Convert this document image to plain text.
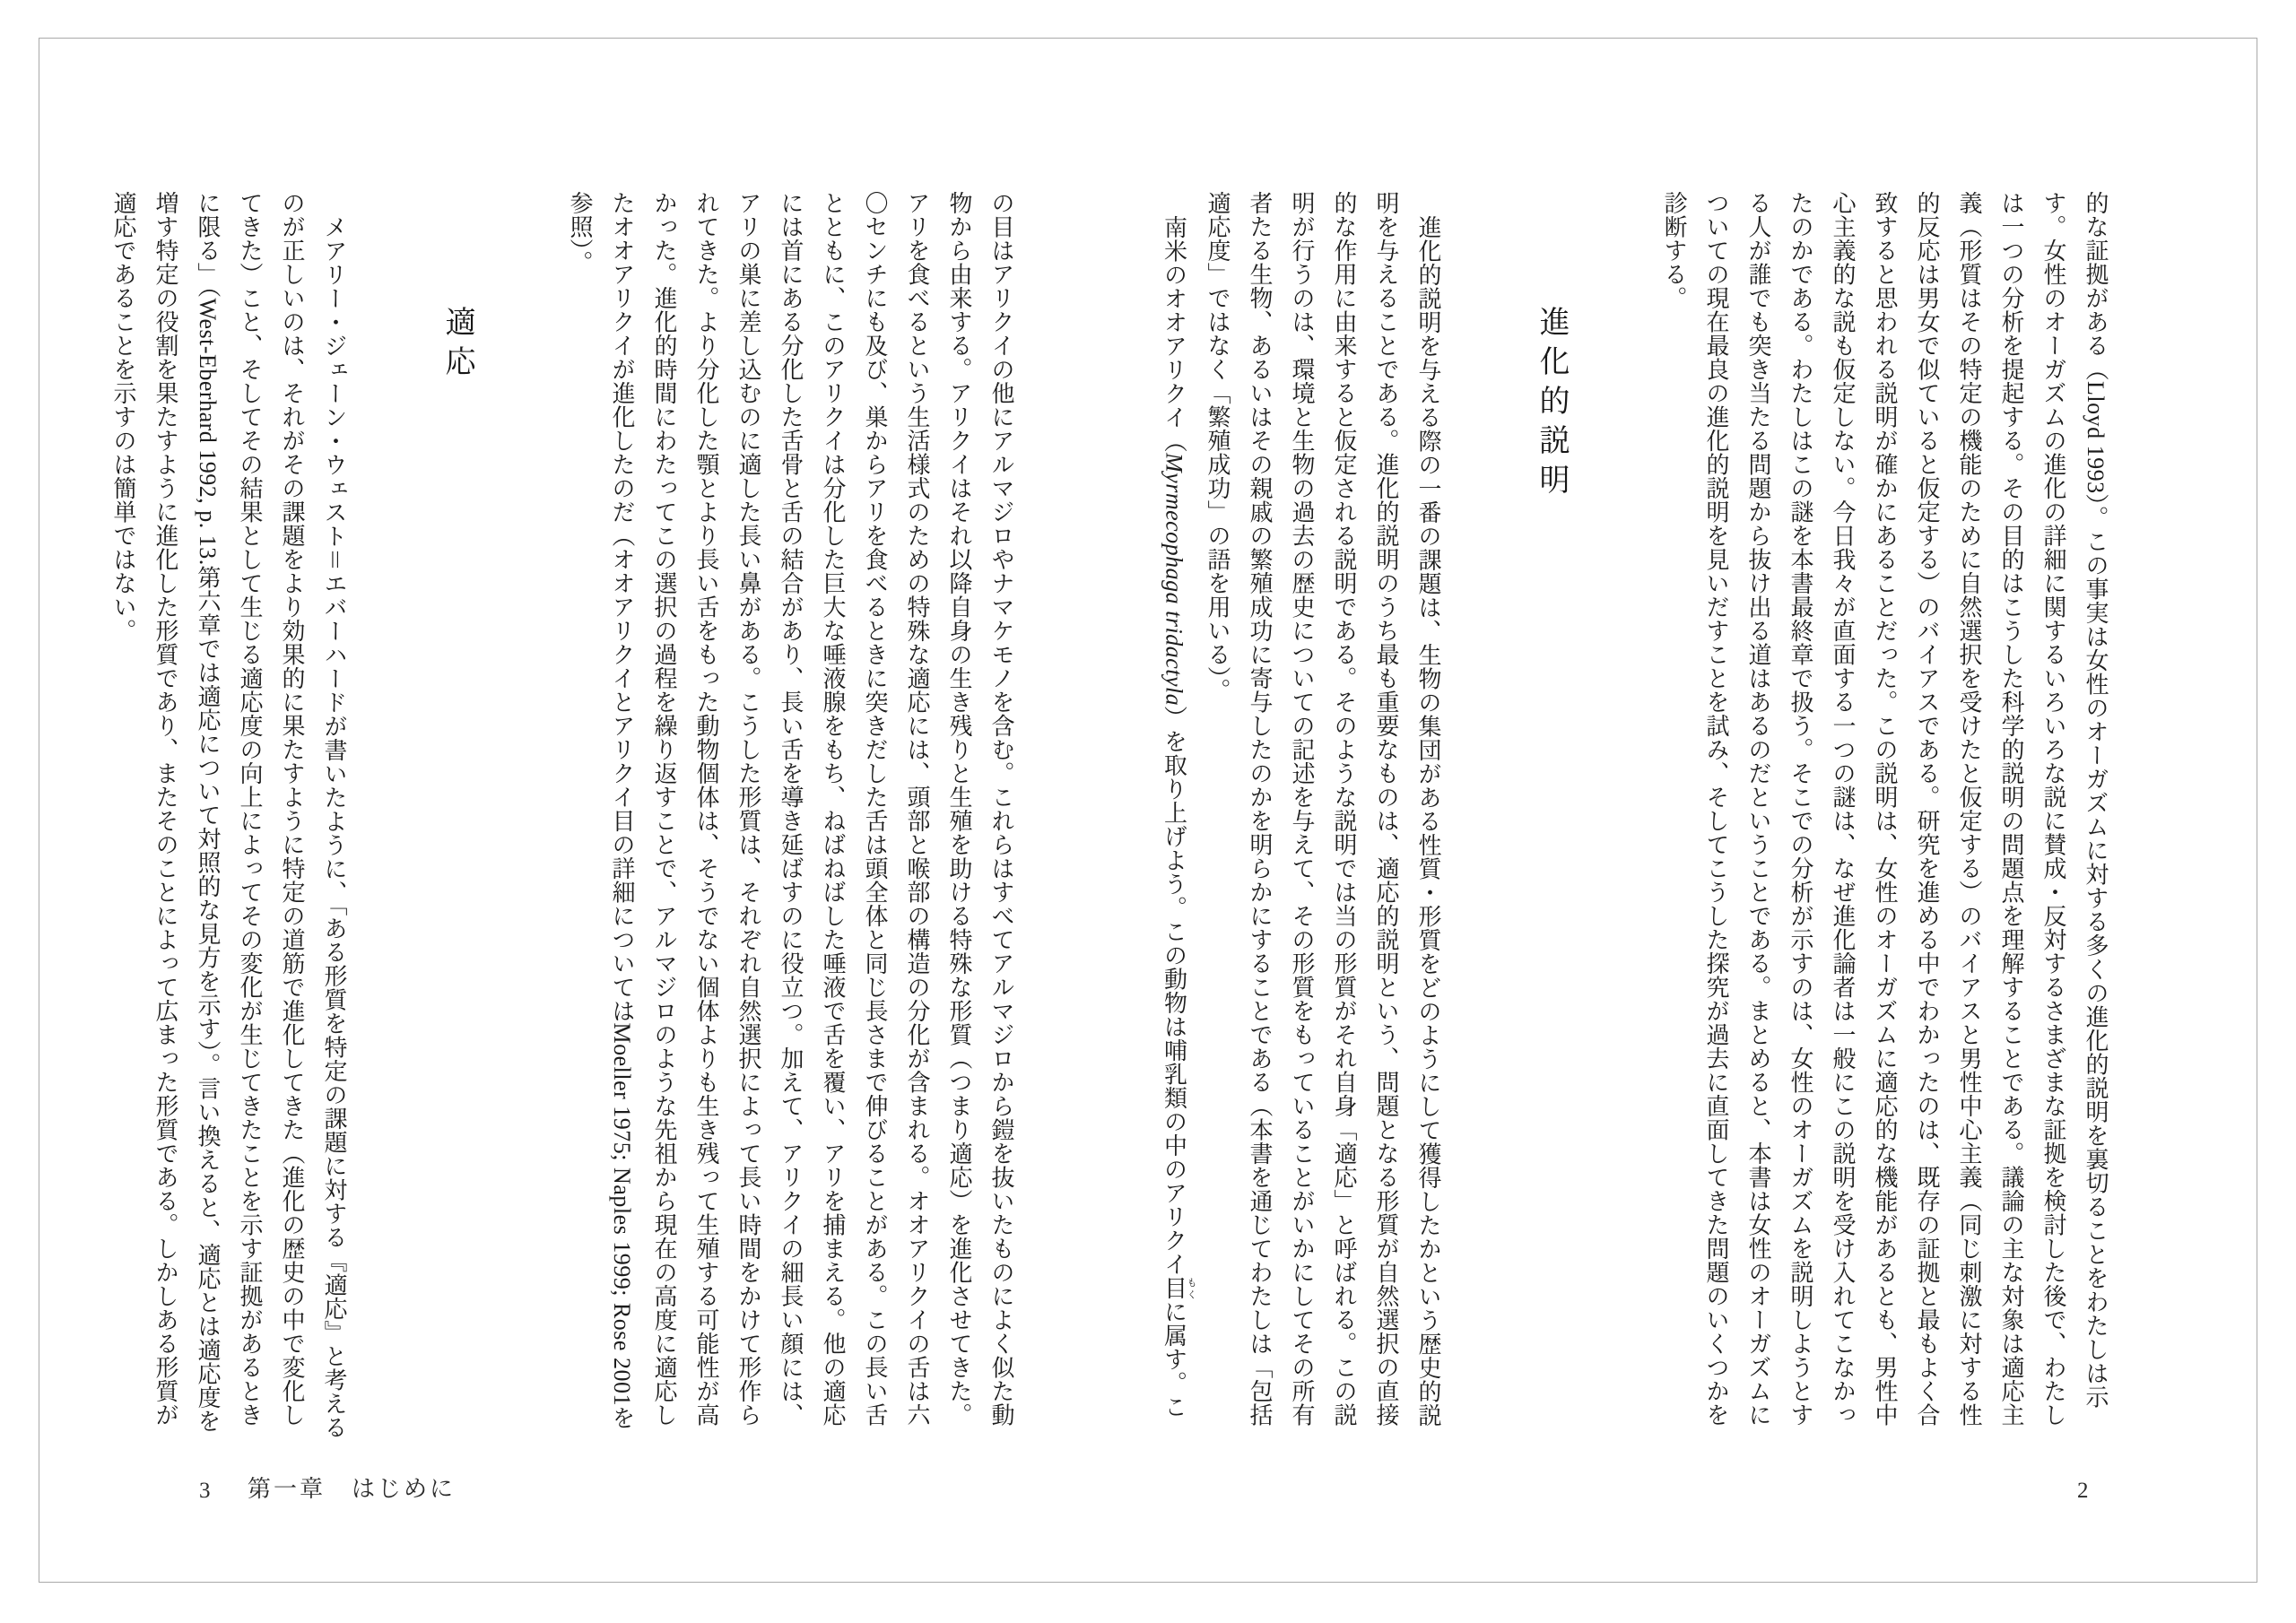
的な証拠がある（Lloyd 1993）。この事実は女性のオーガズムに対する多くの進化的説明を裏切ることをわたしは示す。女性のオーガズムの進化の詳細に関するいろいろな説に賛成・反対するさまざまな証拠を検討した後で、わたしは一つの分析を提起する。その目的はこうした科学的説明の問題点を理解することである。議論の主な対象は適応主義（形質はその特定の機能のために自然選択を受けたと仮定する）のバイアスと男性中心主義（同じ刺激に対する性的反応は男女で似ていると仮定する）のバイアスである。研究を進める中でわかったのは、既存の証拠と最もよく合致すると思われる説明が確かにあることだった。この説明は、女性のオーガズムに適応的な機能があるとも、男性中心主義的な説も仮定しない。今日我々が直面する一つの謎は、なぜ進化論者は一般にこの説明を受け入れてこなかったのかである。わたしはこの謎を本書最終章で扱う。そこでの分析が示すのは、女性のオーガズムを説明しようとする人が誰でも突き当たる問題から抜け出る道はあるのだということである。まとめると、本書は女性のオーガズムについての現在最良の進化的説明を見いだすことを試み、そしてこうした探究が過去に直面してきた問題のいくつかを診断する。

進化的説明

進化的説明を与える際の一番の課題は、生物の集団がある性質・形質をどのようにして獲得したかという歴史的説明を与えることである。進化的説明のうち最も重要なものは、適応的説明という、問題となる形質が自然選択の直接的な作用に由来すると仮定される説明である。そのような説明では当の形質がそれ自身「適応」と呼ばれる。この説明が行うのは、環境と生物の過去の歴史についての記述を与えて、その形質をもっていることがいかにしてその所有者たる生物、あるいはその親戚の繁殖成功に寄与したのかを明らかにすることである（本書を通じてわたしは「包括適応度」ではなく「繁殖成功」の語を用いる）。

南米のオオアリクイ（Myrmecophaga tridactyla）を取り上げよう。この動物は哺乳類の中のアリクイ目もくに属す。こ

の目はアリクイの他にアルマジロやナマケモノを含む。これらはすべてアルマジロから鎧を抜いたものによく似た動物から由来する。アリクイはそれ以降自身の生き残りと生殖を助ける特殊な形質（つまり適応）を進化させてきた。アリを食べるという生活様式のための特殊な適応には、頭部と喉部の構造の分化が含まれる。オオアリクイの舌は六〇センチにも及び、巣からアリを食べるときに突きだした舌は頭全体と同じ長さまで伸びることがある。この長い舌とともに、このアリクイは分化した巨大な唾液腺をもち、ねばねばした唾液で舌を覆い、アリを捕まえる。他の適応には首にある分化した舌骨と舌の結合があり、長い舌を導き延ばすのに役立つ。加えて、アリクイの細長い顔には、アリの巣に差し込むのに適した長い鼻がある。こうした形質は、それぞれ自然選択によって長い時間をかけて形作られてきた。より分化した顎とより長い舌をもった動物個体は、そうでない個体よりも生き残って生殖する可能性が高かった。進化的時間にわたってこの選択の過程を繰り返すことで、アルマジロのような先祖から現在の高度に適応したオオアリクイが進化したのだ（オオアリクイとアリクイ目の詳細についてはMoeller 1975; Naples 1999; Rose 2001を参照）。

適応

メアリー・ジェーン・ウェスト＝エバーハードが書いたように、「ある形質を特定の課題に対する『適応』と考えるのが正しいのは、それがその課題をより効果的に果たすように特定の道筋で進化してきた（進化の歴史の中で変化してきた）こと、そしてその結果として生じる適応度の向上によってその変化が生じてきたことを示す証拠があるときに限る」（West-Eberhard 1992, p. 13.第六章では適応について対照的な見方を示す）。言い換えると、適応とは適応度を増す特定の役割を果たすように進化した形質であり、またそのことによって広まった形質である。しかしある形質が適応であることを示すのは簡単ではない。

3 第一章　はじめに	2
